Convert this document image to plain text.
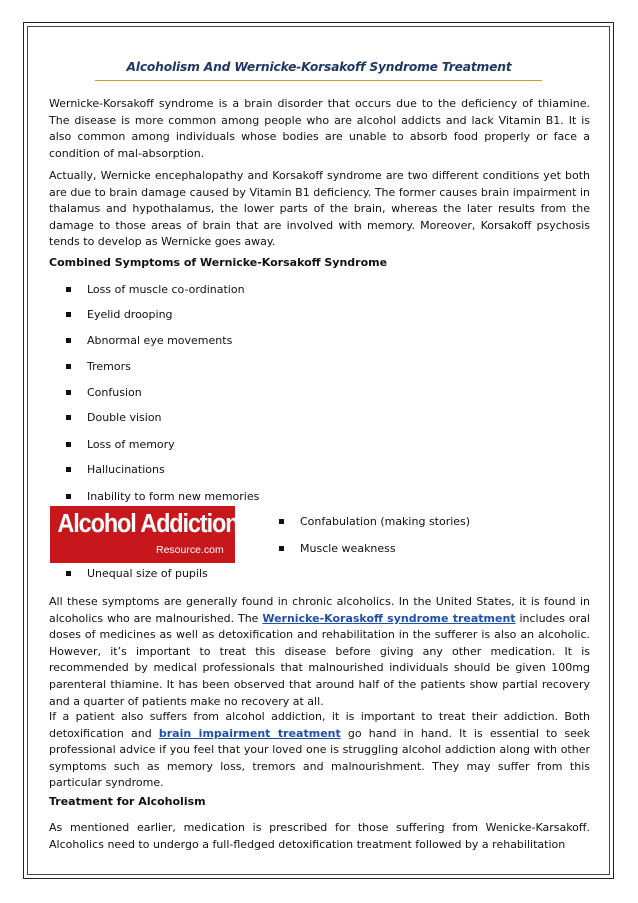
Alcoholism And Wernicke-Korsakoff Syndrome Treatment

Wernicke-Korsakoff syndrome is a brain disorder that occurs due to the deficiency of thiamine. The disease is more common among people who are alcohol addicts and lack Vitamin B1. It is also common among individuals whose bodies are unable to absorb food properly or face a condition of mal-absorption.

Actually, Wernicke encephalopathy and Korsakoff syndrome are two different conditions yet both are due to brain damage caused by Vitamin B1 deficiency. The former causes brain impairment in thalamus and hypothalamus, the lower parts of the brain, whereas the later results from the damage to those areas of brain that are involved with memory. Moreover, Korsakoff psychosis tends to develop as Wernicke goes away.

Combined Symptoms of Wernicke-Korsakoff Syndrome

Loss of muscle co-ordination
Eyelid drooping
Abnormal eye movements
Tremors
Confusion
Double vision
Loss of memory
Hallucinations
Inability to form new memories
Alcohol Addiction
Resource.com
Confabulation (making stories)
Muscle weakness
Unequal size of pupils

All these symptoms are generally found in chronic alcoholics. In the United States, it is found in alcoholics who are malnourished. The Wernicke-Koraskoff syndrome treatment includes oral doses of medicines as well as detoxification and rehabilitation in the sufferer is also an alcoholic. However, it’s important to treat this disease before giving any other medication. It is recommended by medical professionals that malnourished individuals should be given 100mg parenteral thiamine. It has been observed that around half of the patients show partial recovery and a quarter of patients make no recovery at all.

If a patient also suffers from alcohol addiction, it is important to treat their addiction. Both detoxification and brain impairment treatment go hand in hand. It is essential to seek professional advice if you feel that your loved one is struggling alcohol addiction along with other symptoms such as memory loss, tremors and malnourishment. They may suffer from this particular syndrome.

Treatment for Alcoholism

As mentioned earlier, medication is prescribed for those suffering from Wenicke-Karsakoff. Alcoholics need to undergo a full-fledged detoxification treatment followed by a rehabilitation
